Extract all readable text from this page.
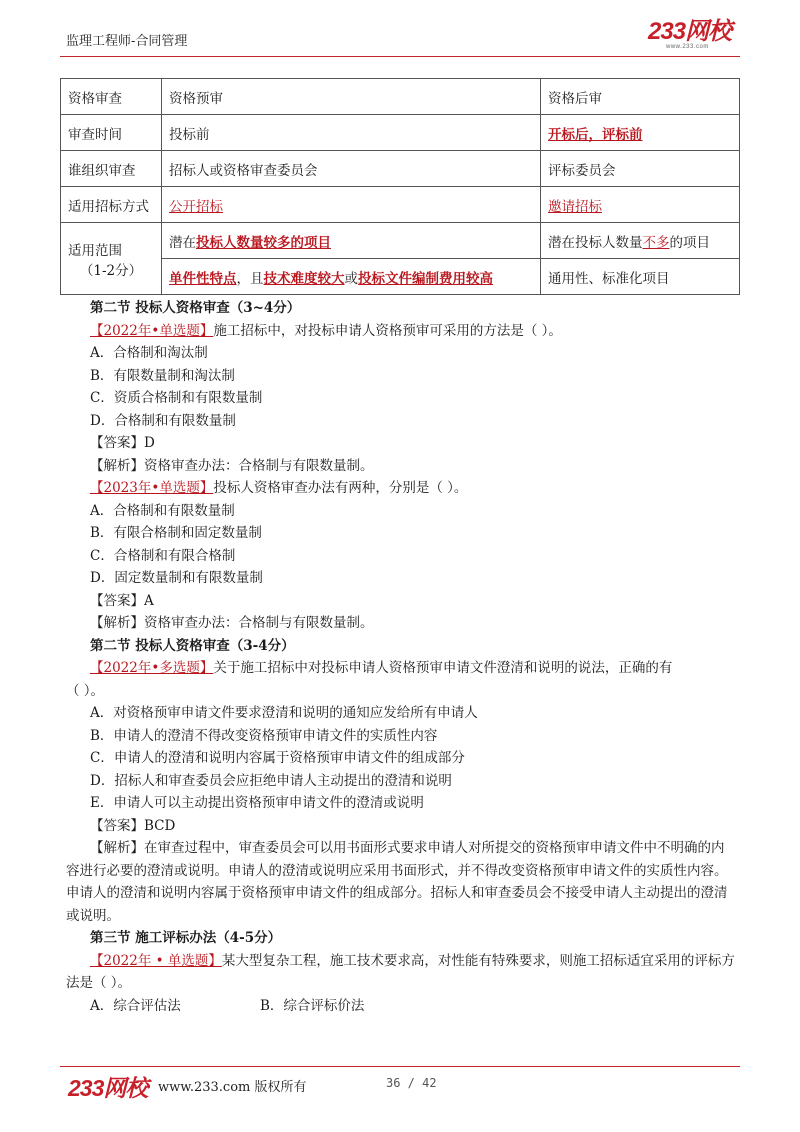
监理工程师-合同管理	233网校
www.233.com
资格审查	资格预审	资格后审
审查时间	投标前	开标后，评标前
谁组织审查	招标人或资格审查委员会	评标委员会
适用招标方式	公开招标	邀请招标
适用范围

（1-2分）	潜在投标人数量较多的项目	潜在投标人数量不多的项目
	单件性特点，且技术难度较大或投标文件编制费用较高	通用性、标准化项目

第二节 投标人资格审查（3~4分）

【2022年•单选题】施工招标中，对投标申请人资格预审可采用的方法是（ ）。

A．合格制和淘汰制

B．有限数量制和淘汰制

C．资质合格制和有限数量制

D．合格制和有限数量制

【答案】D

【解析】资格审查办法：合格制与有限数量制。

【2023年•单选题】投标人资格审查办法有两种，分别是（ ）。

A．合格制和有限数量制

B．有限合格制和固定数量制

C．合格制和有限合格制

D．固定数量制和有限数量制

【答案】A

【解析】资格审查办法：合格制与有限数量制。

第二节 投标人资格审查（3-4分）

【2022年•多选题】关于施工招标中对投标申请人资格预审申请文件澄清和说明的说法，正确的有

（ ）。

A．对资格预审申请文件要求澄清和说明的通知应发给所有申请人

B．申请人的澄清不得改变资格预审申请文件的实质性内容

C．申请人的澄清和说明内容属于资格预审申请文件的组成部分

D．招标人和审查委员会应拒绝申请人主动提出的澄清和说明

E．申请人可以主动提出资格预审申请文件的澄清或说明

【答案】BCD

【解析】在审查过程中，审查委员会可以用书面形式要求申请人对所提交的资格预审申请文件中不明确的内容进行必要的澄清或说明。申请人的澄清或说明应采用书面形式，并不得改变资格预审申请文件的实质性内容。申请人的澄清和说明内容属于资格预审申请文件的组成部分。招标人和审查委员会不接受申请人主动提出的澄清或说明。

第三节 施工评标办法（4-5分）

【2022年 • 单选题】某大型复杂工程，施工技术要求高，对性能有特殊要求，则施工招标适宜采用的评标方法是（ ）。

A．综合评估法	B．综合评标价法
233网校 www.233.com 版权所有	36 / 42
